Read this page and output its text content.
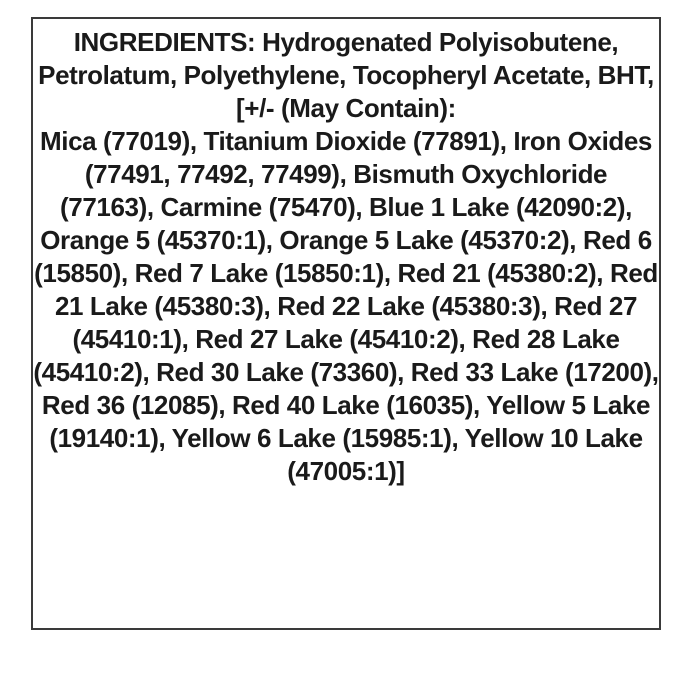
INGREDIENTS: Hydrogenated Polyisobutene,
Petrolatum, Polyethylene, Tocopheryl Acetate, BHT,
[+/- (May Contain):
Mica (77019), Titanium Dioxide (77891), Iron Oxides
(77491, 77492, 77499), Bismuth Oxychloride
(77163), Carmine (75470), Blue 1 Lake (42090:2),
Orange 5 (45370:1), Orange 5 Lake (45370:2), Red 6
(15850), Red 7 Lake (15850:1), Red 21 (45380:2), Red
21 Lake (45380:3), Red 22 Lake (45380:3), Red 27
(45410:1), Red 27 Lake (45410:2), Red 28 Lake
(45410:2), Red 30 Lake (73360), Red 33 Lake (17200),
Red 36 (12085), Red 40 Lake (16035), Yellow 5 Lake
(19140:1), Yellow 6 Lake (15985:1), Yellow 10 Lake
(47005:1)]
